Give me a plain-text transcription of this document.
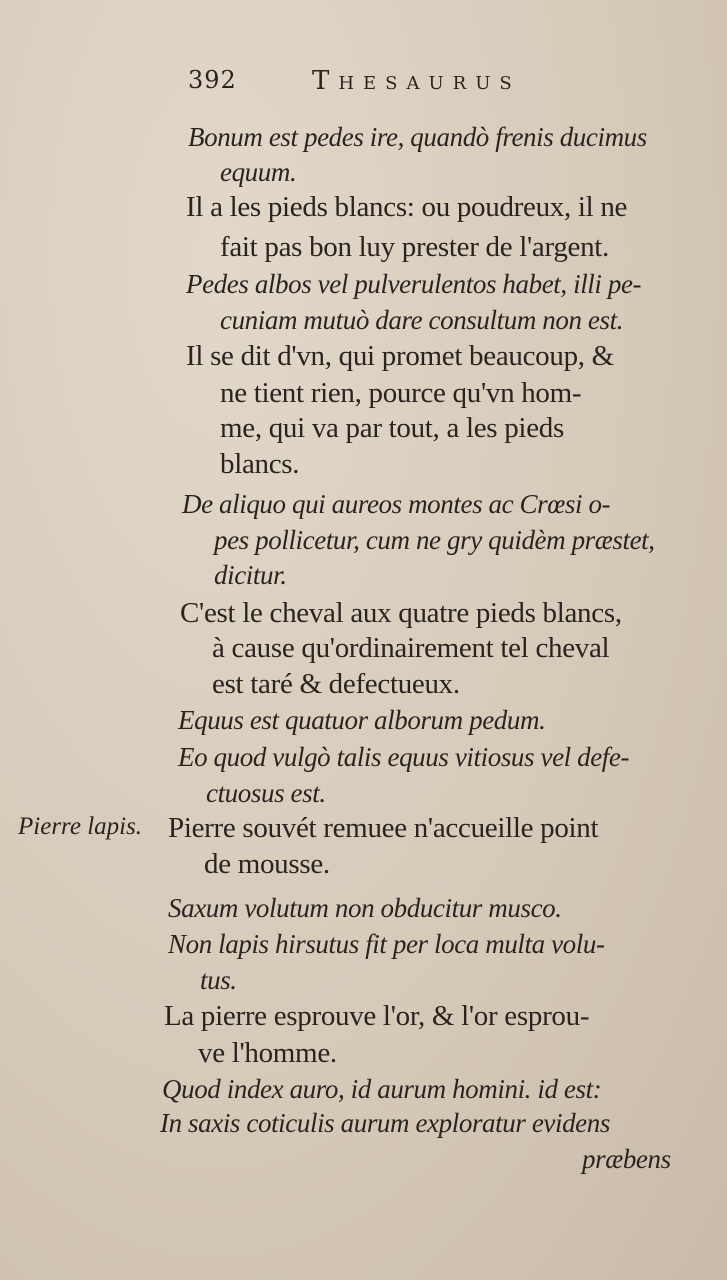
392	Thesaurus
Pierre lapis.
Bonum est pedes ire, quandò frenis ducimus
equum.
Il a les pieds blancs: ou poudreux, il ne
fait pas bon luy prester de l'argent.
Pedes albos vel pulverulentos habet, illi pe-
cuniam mutuò dare consultum non est.
Il se dit d'vn, qui promet beaucoup, &
ne tient rien, pource qu'vn hom-
me, qui va par tout, a les pieds
blancs.
De aliquo qui aureos montes ac Crœsi o-
pes pollicetur, cum ne gry quidèm præstet,
dicitur.
C'est le cheval aux quatre pieds blancs,
à cause qu'ordinairement tel cheval
est taré & defectueux.
Equus est quatuor alborum pedum.
Eo quod vulgò talis equus vitiosus vel defe-
ctuosus est.
Pierre souvét remuee n'accueille point
de mousse.
Saxum volutum non obducitur musco.
Non lapis hirsutus fit per loca multa volu-
tus.
La pierre esprouve l'or, & l'or esprou-
ve l'homme.
Quod index auro, id aurum homini. id est:
In saxis coticulis aurum exploratur evidens
præbens
